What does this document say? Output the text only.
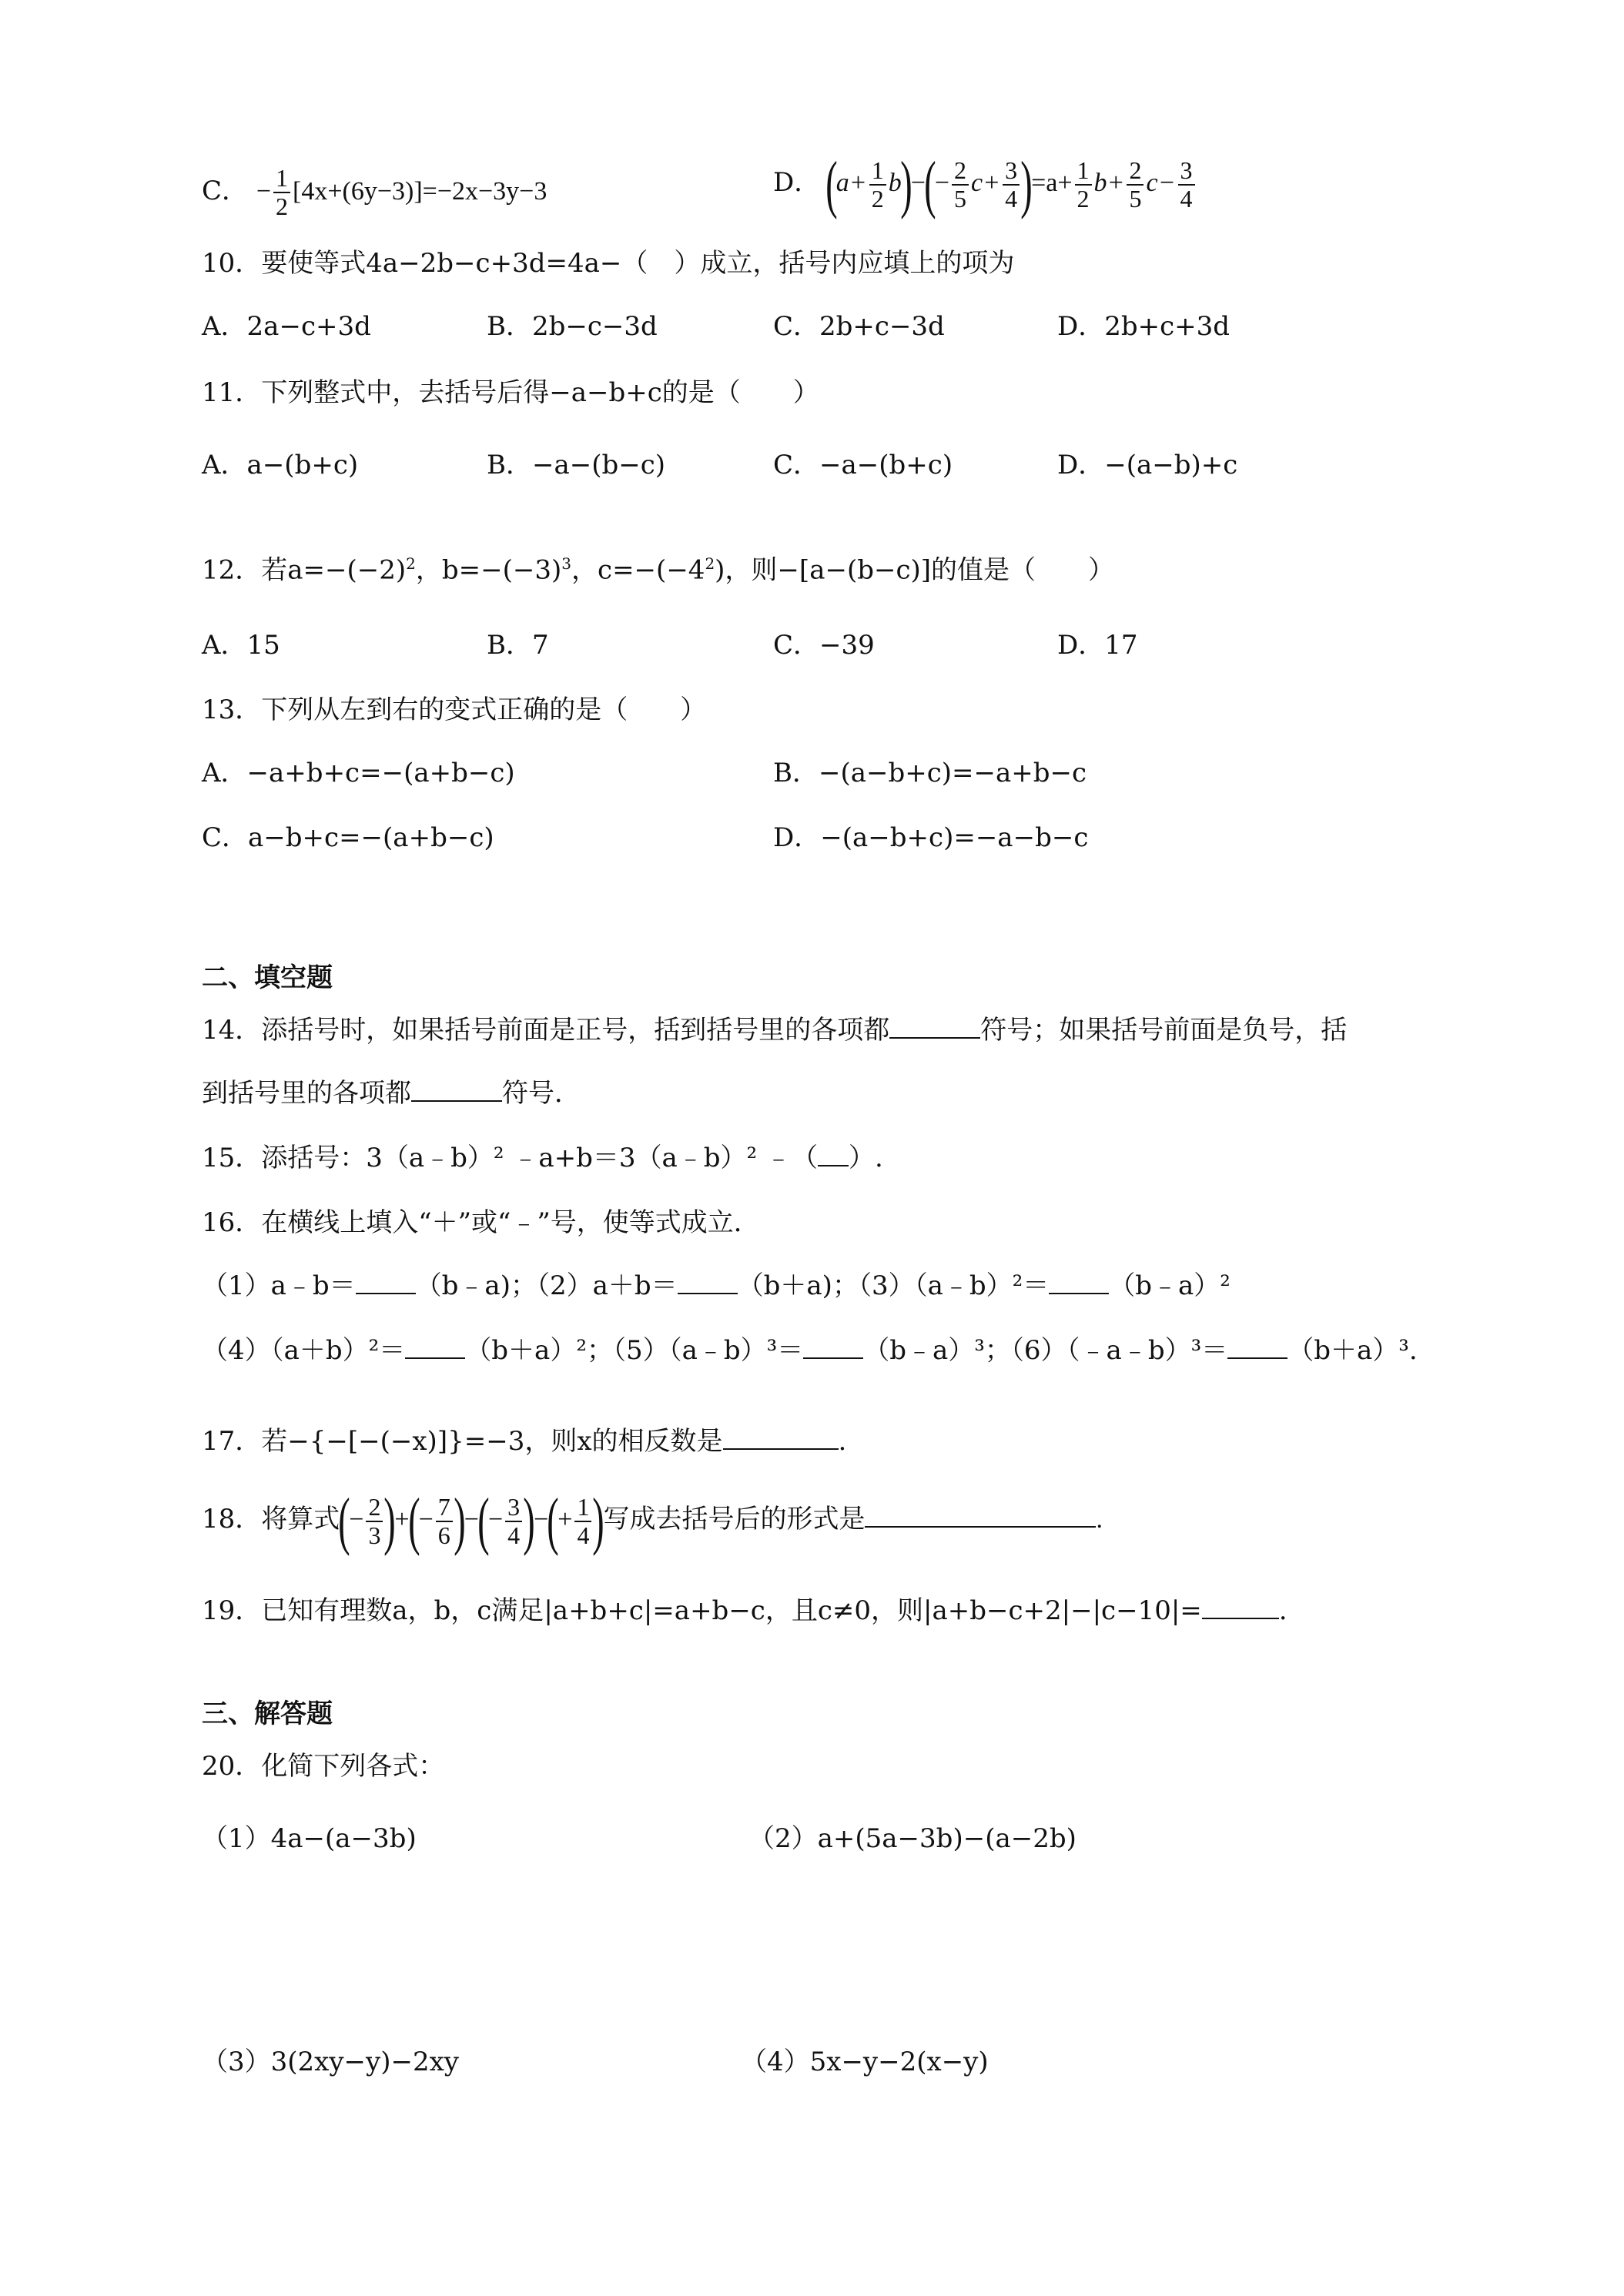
C． − $\frac{1}{2} [4x+(6y-3)]=-2x-3y-3$	D． $(a+ \frac{1}{2} b)-(- \frac{2}{5} c+ \frac{3}{4} )=a+ \frac{1}{2} b+ \frac{2}{5} c- \frac{3}{4}$
10．要使等式4a−2b−c+3d=4a−（　）成立，括号内应填上的项为
A．2a−c+3d	B．2b−c−3d	C．2b+c−3d	D．2b+c+3d
11．下列整式中，去括号后得−a−b+c的是（　　）
A．a−(b+c)	B．−a−(b−c)	C．−a−(b+c)	D．−(a−b)+c
12．若$a=-(-2)^2$，$b=-(-3)^3$，$c=-(-4^2)$，则−[a−(b−c)]的值是（　　）
A．15	B．7	C．−39	D．17
13．下列从左到右的变式正确的是（　　）
A．−a+b+c=−(a+b−c)	B．−(a−b+c)=−a+b−c
C．a−b+c=−(a+b−c)	D．−(a−b+c)=−a−b−c
二、填空题
14．添括号时，如果括号前面是正号，括到括号里的各项都	符号；如果括号前面是负号，括
到括号里的各项都	符号．
15．添括号：3（a﹣b）² ﹣a+b＝3（a﹣b）² ﹣（ ）.
16．在横线上填入“＋”或“﹣”号，使等式成立．
（1）a﹣b＝ （b﹣a)；（2）a＋b＝ （b＋a)；（3）（a﹣b）²＝ （b﹣a）²
（4）（a＋b）²＝ （b＋a）²；（5）（a﹣b）³＝ （b﹣a）³；（6）（﹣a﹣b）³＝ （b＋a）³.
17．若−{−[−(−x)]}=−3，则x的相反数是	.
18．将算式(− $\frac{2}{3}$ )+(− $\frac{7}{6}$ )−(− $\frac{3}{4}$ )−(+ $\frac{1}{4}$ )写成去括号后的形式是	.
19．已知有理数a，b，c满足|a+b+c|=a+b−c，且c≠0，则|a+b−c+2|−|c−10|=	.
三、解答题
20．化简下列各式：
（1）4a−(a−3b)	（2）a+(5a−3b)−(a−2b)
（3）3(2xy−y)−2xy	（4）5x−y−2(x−y)
